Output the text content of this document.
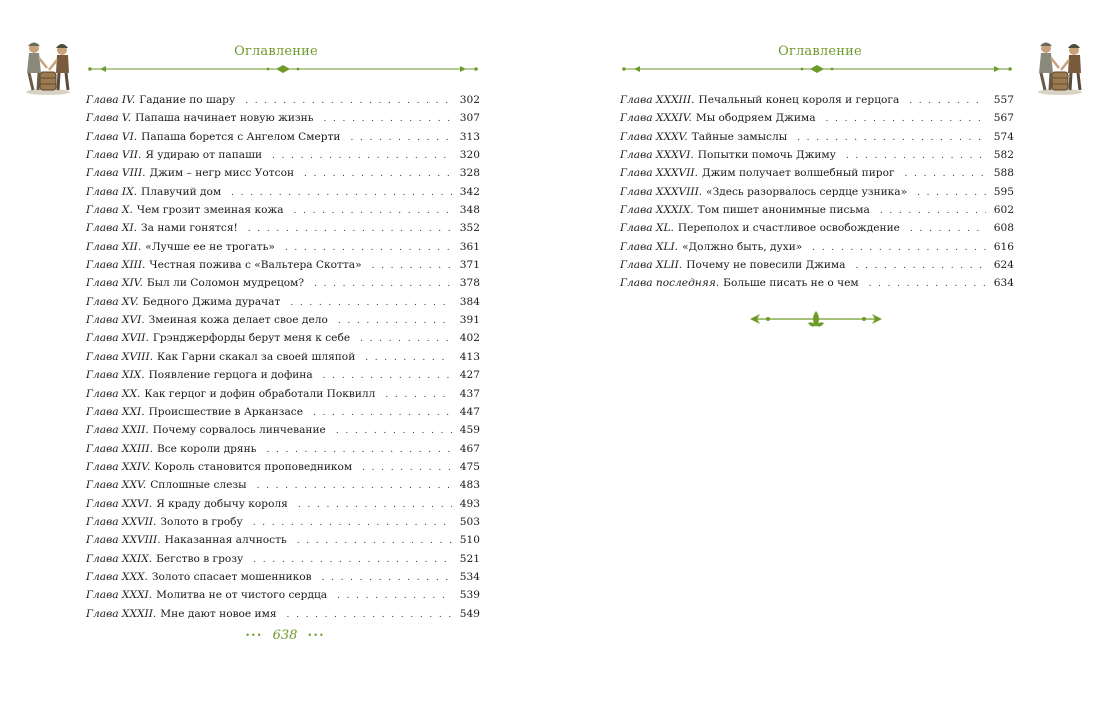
Оглавление
Глава IV. Гадание по шару . . .	302
Глава V. Папаша начинает новую жизнь . . .	307
Глава VI. Папаша борется с Ангелом Смерти . . .	313
Глава VII. Я удираю от папаши . . .	320
Глава VIII. Джим – негр мисс Уотсон . . .	328
Глава IX. Плавучий дом . . .	342
Глава X. Чем грозит змеиная кожа . . .	348
Глава XI. За нами гонятся! . . .	352
Глава XII. «Лучше ее не трогать» . . .	361
Глава XIII. Честная пожива с «Вальтера Скотта» . . .	371
Глава XIV. Был ли Соломон мудрецом? . . .	378
Глава XV. Бедного Джима дурачат . . .	384
Глава XVI. Змеиная кожа делает свое дело . . .	391
Глава XVII. Грэнджерфорды берут меня к себе . . .	402
Глава XVIII. Как Гарни скакал за своей шляпой . . .	413
Глава XIX. Появление герцога и дофина . . .	427
Глава XX. Как герцог и дофин обработали Поквилл . . .	437
Глава XXI. Происшествие в Арканзасе . . .	447
Глава XXII. Почему сорвалось линчевание . . .	459
Глава XXIII. Все короли дрянь . . .	467
Глава XXIV. Король становится проповедником . . .	475
Глава XXV. Сплошные слезы . . .	483
Глава XXVI. Я краду добычу короля . . .	493
Глава XXVII. Золото в гробу . . .	503
Глава XXVIII. Наказанная алчность . . .	510
Глава XXIX. Бегство в грозу . . .	521
Глава XXX. Золото спасает мошенников . . .	534
Глава XXXI. Молитва не от чистого сердца . . .	539
Глава XXXII. Мне дают новое имя . . .	549
••• 638 •••
Оглавление
Глава XXXIII. Печальный конец короля и герцога . . .	557
Глава XXXIV. Мы ободряем Джима . . .	567
Глава XXXV. Тайные замыслы . . .	574
Глава XXXVI. Попытки помочь Джиму . . .	582
Глава XXXVII. Джим получает волшебный пирог . . .	588
Глава XXXVIII. «Здесь разорвалось сердце узника» . . .	595
Глава XXXIX. Том пишет анонимные письма . . .	602
Глава XL. Переполох и счастливое освобождение . . .	608
Глава XLI. «Должно быть, духи» . . .	616
Глава XLII. Почему не повесили Джима . . .	624
Глава последняя. Больше писать не о чем . . .	634
